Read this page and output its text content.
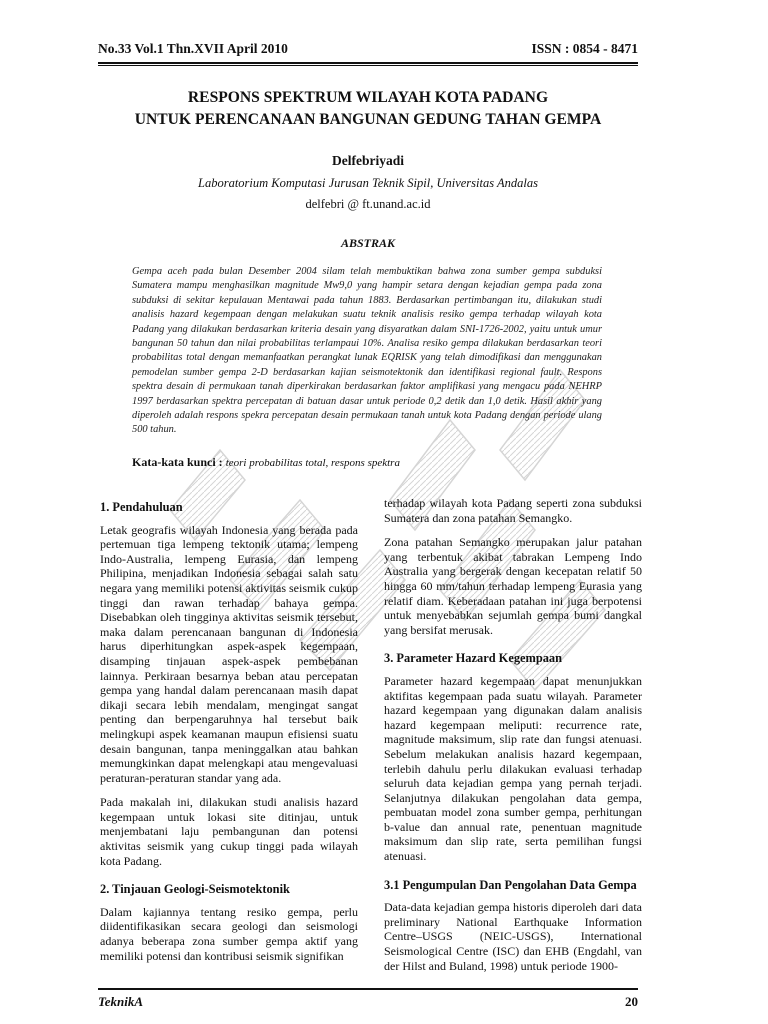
No.33 Vol.1 Thn.XVII April 2010	ISSN : 0854 - 8471
RESPONS SPEKTRUM WILAYAH KOTA PADANG
UNTUK PERENCANAAN BANGUNAN GEDUNG TAHAN GEMPA
Delfebriyadi
Laboratorium Komputasi Jurusan Teknik Sipil, Universitas Andalas
delfebri @ ft.unand.ac.id
ABSTRAK
Gempa aceh pada bulan Desember 2004 silam telah membuktikan bahwa zona sumber gempa subduksi Sumatera mampu menghasilkan magnitude Mw9,0 yang hampir setara dengan kejadian gempa pada zona subduksi di sekitar kepulauan Mentawai pada tahun 1883. Berdasarkan pertimbangan itu, dilakukan studi analisis hazard kegempaan dengan melakukan suatu teknik analisis resiko gempa terhadap wilayah kota Padang yang dilakukan berdasarkan kriteria desain yang disyaratkan dalam SNI-1726-2002, yaitu untuk umur bangunan 50 tahun dan nilai probabilitas terlampaui 10%. Analisa resiko gempa dilakukan berdasarkan teori probabilitas total dengan memanfaatkan perangkat lunak EQRISK yang telah dimodifikasi dan menggunakan pemodelan sumber gempa 2-D berdasarkan kajian seismotektonik dan identifikasi regional fault. Respons spektra desain di permukaan tanah diperkirakan berdasarkan faktor amplifikasi yang mengacu pada NEHRP 1997 berdasarkan spektra percepatan di batuan dasar untuk periode 0,2 detik dan 1,0 detik. Hasil akhir yang diperoleh adalah respons spekra percepatan desain permukaan tanah untuk kota Padang dengan periode ulang 500 tahun.
Kata-kata kunci : teori probabilitas total, respons spektra
1. Pendahuluan

Letak geografis wilayah Indonesia yang berada pada pertemuan tiga lempeng tektonik utama; lempeng Indo-Australia, lempeng Eurasia, dan lempeng Philipina, menjadikan Indonesia sebagai salah satu negara yang memiliki potensi aktivitas seismik cukup tinggi dan rawan terhadap bahaya gempa. Disebabkan oleh tingginya aktivitas seismik tersebut, maka dalam perencanaan bangunan di Indonesia harus diperhitungkan aspek-aspek kegempaan, disamping tinjauan aspek-aspek pembebanan lainnya. Perkiraan besarnya beban atau percepatan gempa yang handal dalam perencanaan masih dapat dikaji secara lebih mendalam, mengingat sangat penting dan berpengaruhnya hal tersebut baik melingkupi aspek keamanan maupun efisiensi suatu desain bangunan, tanpa meninggalkan atau bahkan memungkinkan dapat melengkapi atau mengevaluasi peraturan-peraturan standar yang ada.

Pada makalah ini, dilakukan studi analisis hazard kegempaan untuk lokasi site ditinjau, untuk menjembatani laju pembangunan dan potensi aktivitas seismik yang cukup tinggi pada wilayah kota Padang.

2. Tinjauan Geologi-Seismotektonik

Dalam kajiannya tentang resiko gempa, perlu diidentifikasikan secara geologi dan seismologi adanya beberapa zona sumber gempa aktif yang memiliki potensi dan kontribusi seismik signifikan

terhadap wilayah kota Padang seperti zona subduksi Sumatera dan zona patahan Semangko.

Zona patahan Semangko merupakan jalur patahan yang terbentuk akibat tabrakan Lempeng Indo Australia yang bergerak dengan kecepatan relatif 50 hingga 60 mm/tahun terhadap lempeng Eurasia yang relatif diam. Keberadaan patahan ini juga berpotensi untuk menyebabkan sejumlah gempa bumi dangkal yang bersifat merusak.

3. Parameter Hazard Kegempaan

Parameter hazard kegempaan dapat menunjukkan aktifitas kegempaan pada suatu wilayah. Parameter hazard kegempaan yang digunakan dalam analisis hazard kegempaan meliputi: recurrence rate, magnitude maksimum, slip rate dan fungsi atenuasi. Sebelum melakukan analisis hazard kegempaan, terlebih dahulu perlu dilakukan evaluasi terhadap seluruh data kejadian gempa yang pernah terjadi. Selanjutnya dilakukan pengolahan data gempa, pembuatan model zona sumber gempa, perhitungan b-value dan annual rate, penentuan magnitude maksimum dan slip rate, serta pemilihan fungsi atenuasi.

3.1 Pengumpulan Dan Pengolahan Data Gempa

Data-data kejadian gempa historis diperoleh dari data preliminary National Earthquake Information Centre–USGS (NEIC-USGS), International Seismological Centre (ISC) dan EHB (Engdahl, van der Hilst and Buland, 1998) untuk periode 1900-

TeknikA	20
